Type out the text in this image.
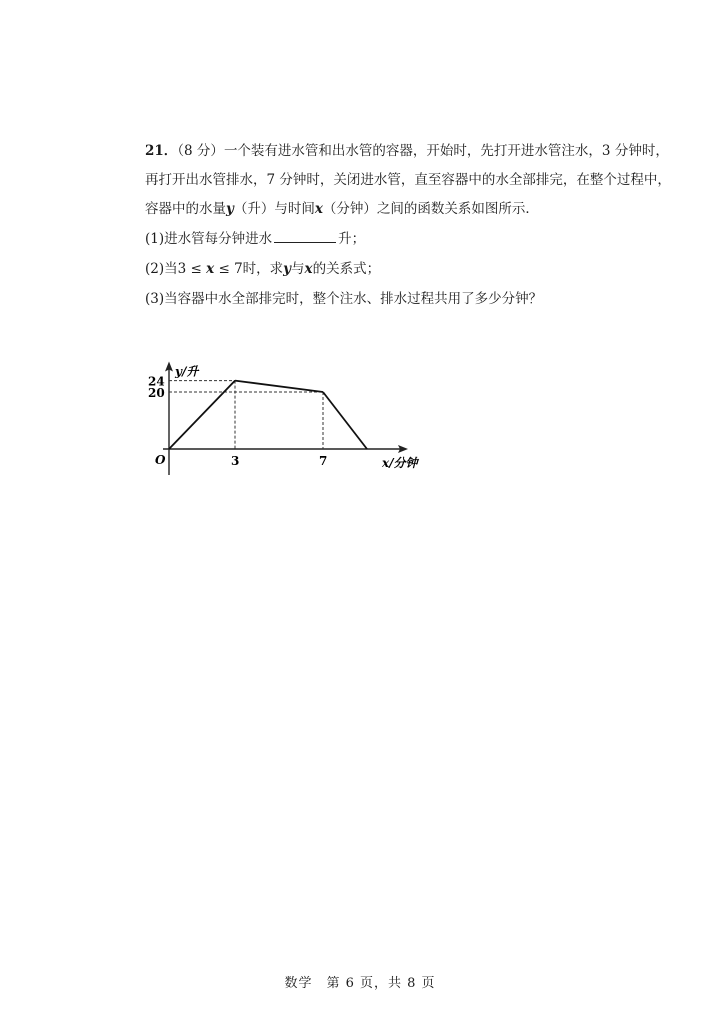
21．（8 分）一个装有进水管和出水管的容器，开始时，先打开进水管注水，3 分钟时，
再打开出水管排水，7 分钟时，关闭进水管，直至容器中的水全部排完，在整个过程中，
容器中的水量y（升）与时间x（分钟）之间的函数关系如图所示．
(1)进水管每分钟进水	升；
(2)当3 ≤ x ≤ 7时，求y与x的关系式；
(3)当容器中水全部排完时，整个注水、排水过程共用了多少分钟？
O
y/升
x/分钟
3
24
7
20
数学　第 6 页，共 8 页
